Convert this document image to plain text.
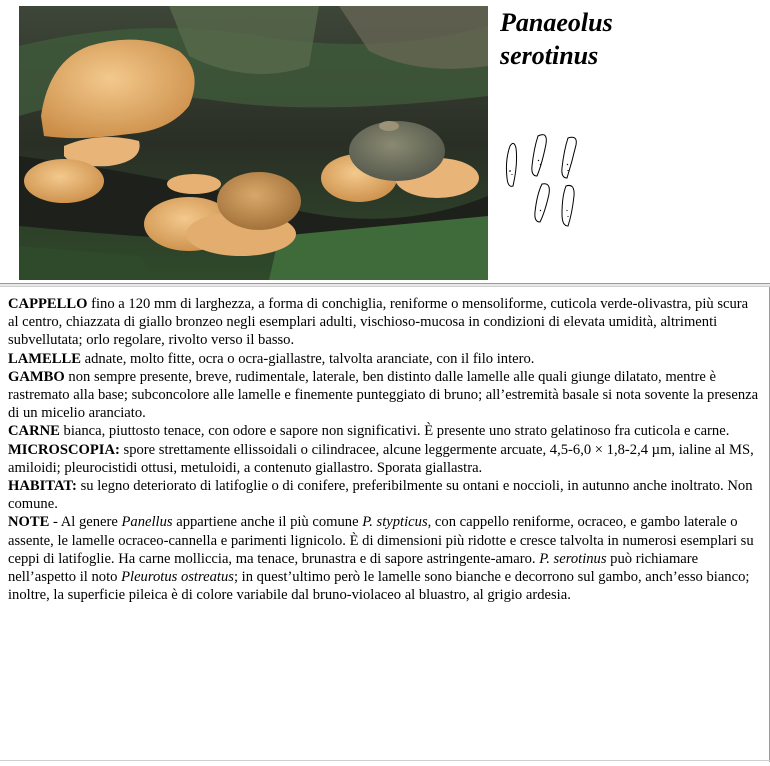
Panaeolus
serotinus

CAPPELLO fino a 120 mm di larghezza, a forma di conchiglia, reniforme o mensoliforme, cuticola verde-olivastra, più scura al centro, chiazzata di giallo bronzeo negli esemplari adulti, vischioso-mucosa in condizioni di elevata umidità, altrimenti subvellutata; orlo regolare, rivolto verso il basso.

LAMELLE adnate, molto fitte, ocra o ocra-giallastre, talvolta aranciate, con il filo intero.

GAMBO non sempre presente, breve, rudimentale, laterale, ben distinto dalle lamelle alle quali giunge dilatato, mentre è rastremato alla base; subconcolore alle lamelle e finemente punteggiato di bruno; all’estremità basale si nota sovente la presenza di un micelio aranciato.

CARNE bianca, piuttosto tenace, con odore e sapore non significativi. È presente uno strato gelatinoso fra cuticola e carne.

MICROSCOPIA: spore strettamente ellissoidali o cilindracee, alcune leggermente arcuate, 4,5-6,0 × 1,8-2,4 µm, ialine al MS, amiloidi; pleurocistidi ottusi, metuloidi, a contenuto giallastro. Sporata giallastra.

HABITAT: su legno deteriorato di latifoglie o di conifere, preferibilmente su ontani e noccioli, in autunno anche inoltrato. Non comune.

NOTE - Al genere Panellus appartiene anche il più comune P. stypticus, con cappello reniforme, ocraceo, e gambo laterale o assente, le lamelle ocraceo-cannella e parimenti lignicolo. È di dimensioni più ridotte e cresce talvolta in numerosi esemplari su ceppi di latifoglie. Ha carne molliccia, ma tenace, brunastra e di sapore astringente-amaro. P. serotinus può richiamare nell’aspetto il noto Pleurotus ostreatus; in quest’ultimo però le lamelle sono bianche e decorrono sul gambo, anch’esso bianco; inoltre, la superficie pileica è di colore variabile dal bruno-violaceo al bluastro, al grigio ardesia.
